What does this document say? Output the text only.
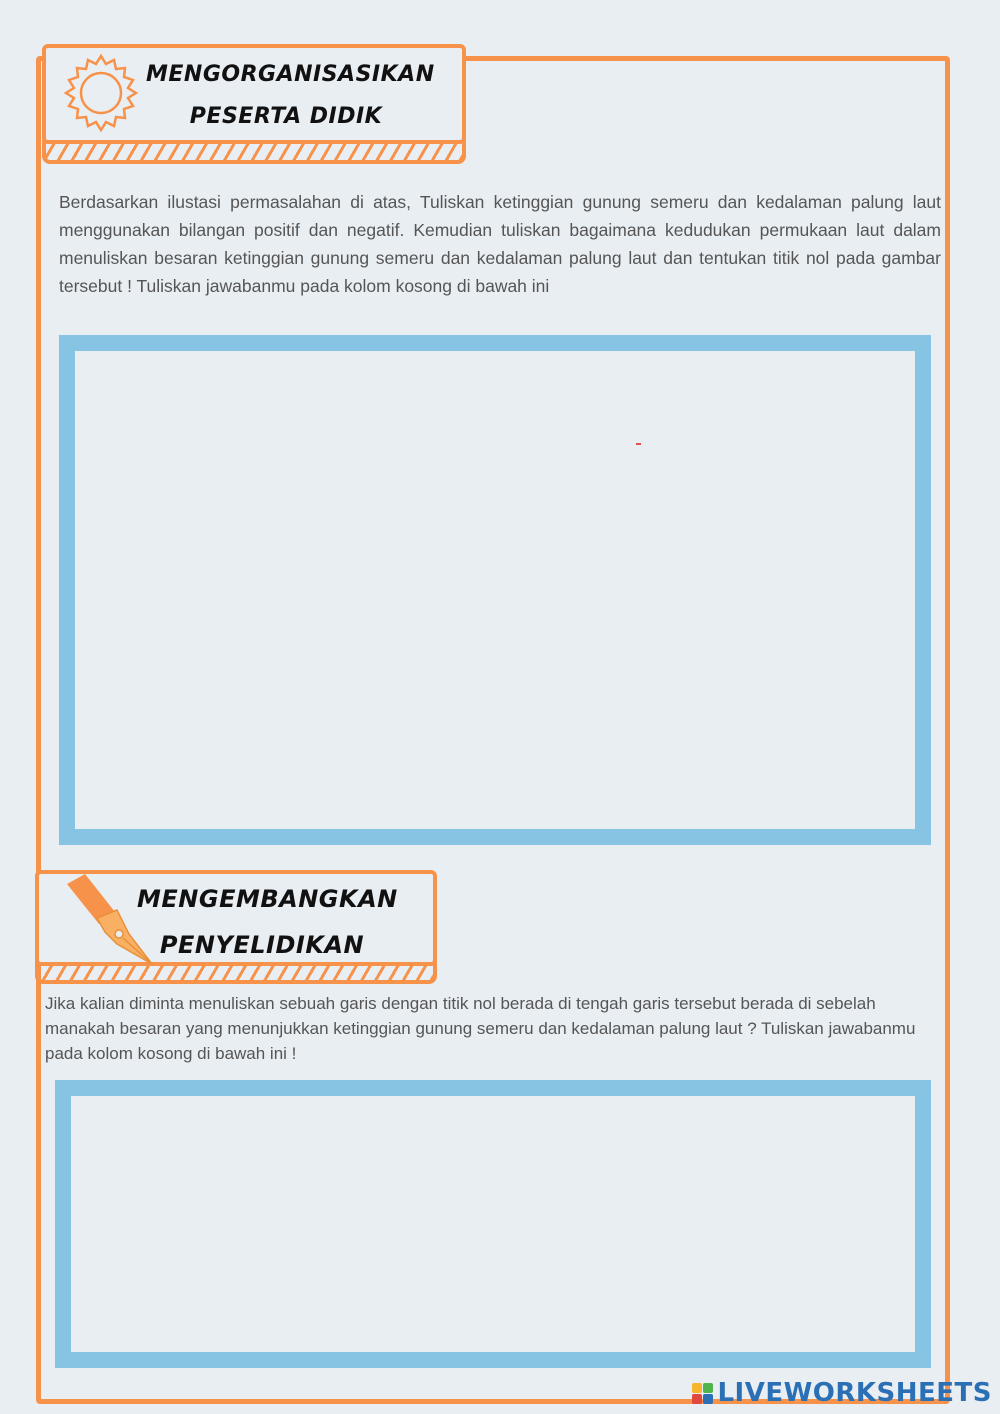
MENGORGANISASIKAN
PESERTA DIDIK
Berdasarkan ilustasi permasalahan di atas, Tuliskan ketinggian gunung semeru dan kedalaman palung laut menggunakan bilangan positif dan negatif. Kemudian tuliskan bagaimana kedudukan permukaan laut dalam menuliskan besaran ketinggian gunung semeru dan kedalaman palung laut dan tentukan titik nol pada gambar tersebut ! Tuliskan jawabanmu pada kolom kosong di bawah ini
MENGEMBANGKAN
PENYELIDIKAN
Jika kalian diminta menuliskan sebuah garis dengan titik nol berada di tengah garis tersebut berada di sebelah manakah besaran yang menunjukkan ketinggian gunung semeru dan kedalaman palung laut ? Tuliskan jawabanmu pada kolom kosong di bawah ini !
LIVEWORKSHEETS
